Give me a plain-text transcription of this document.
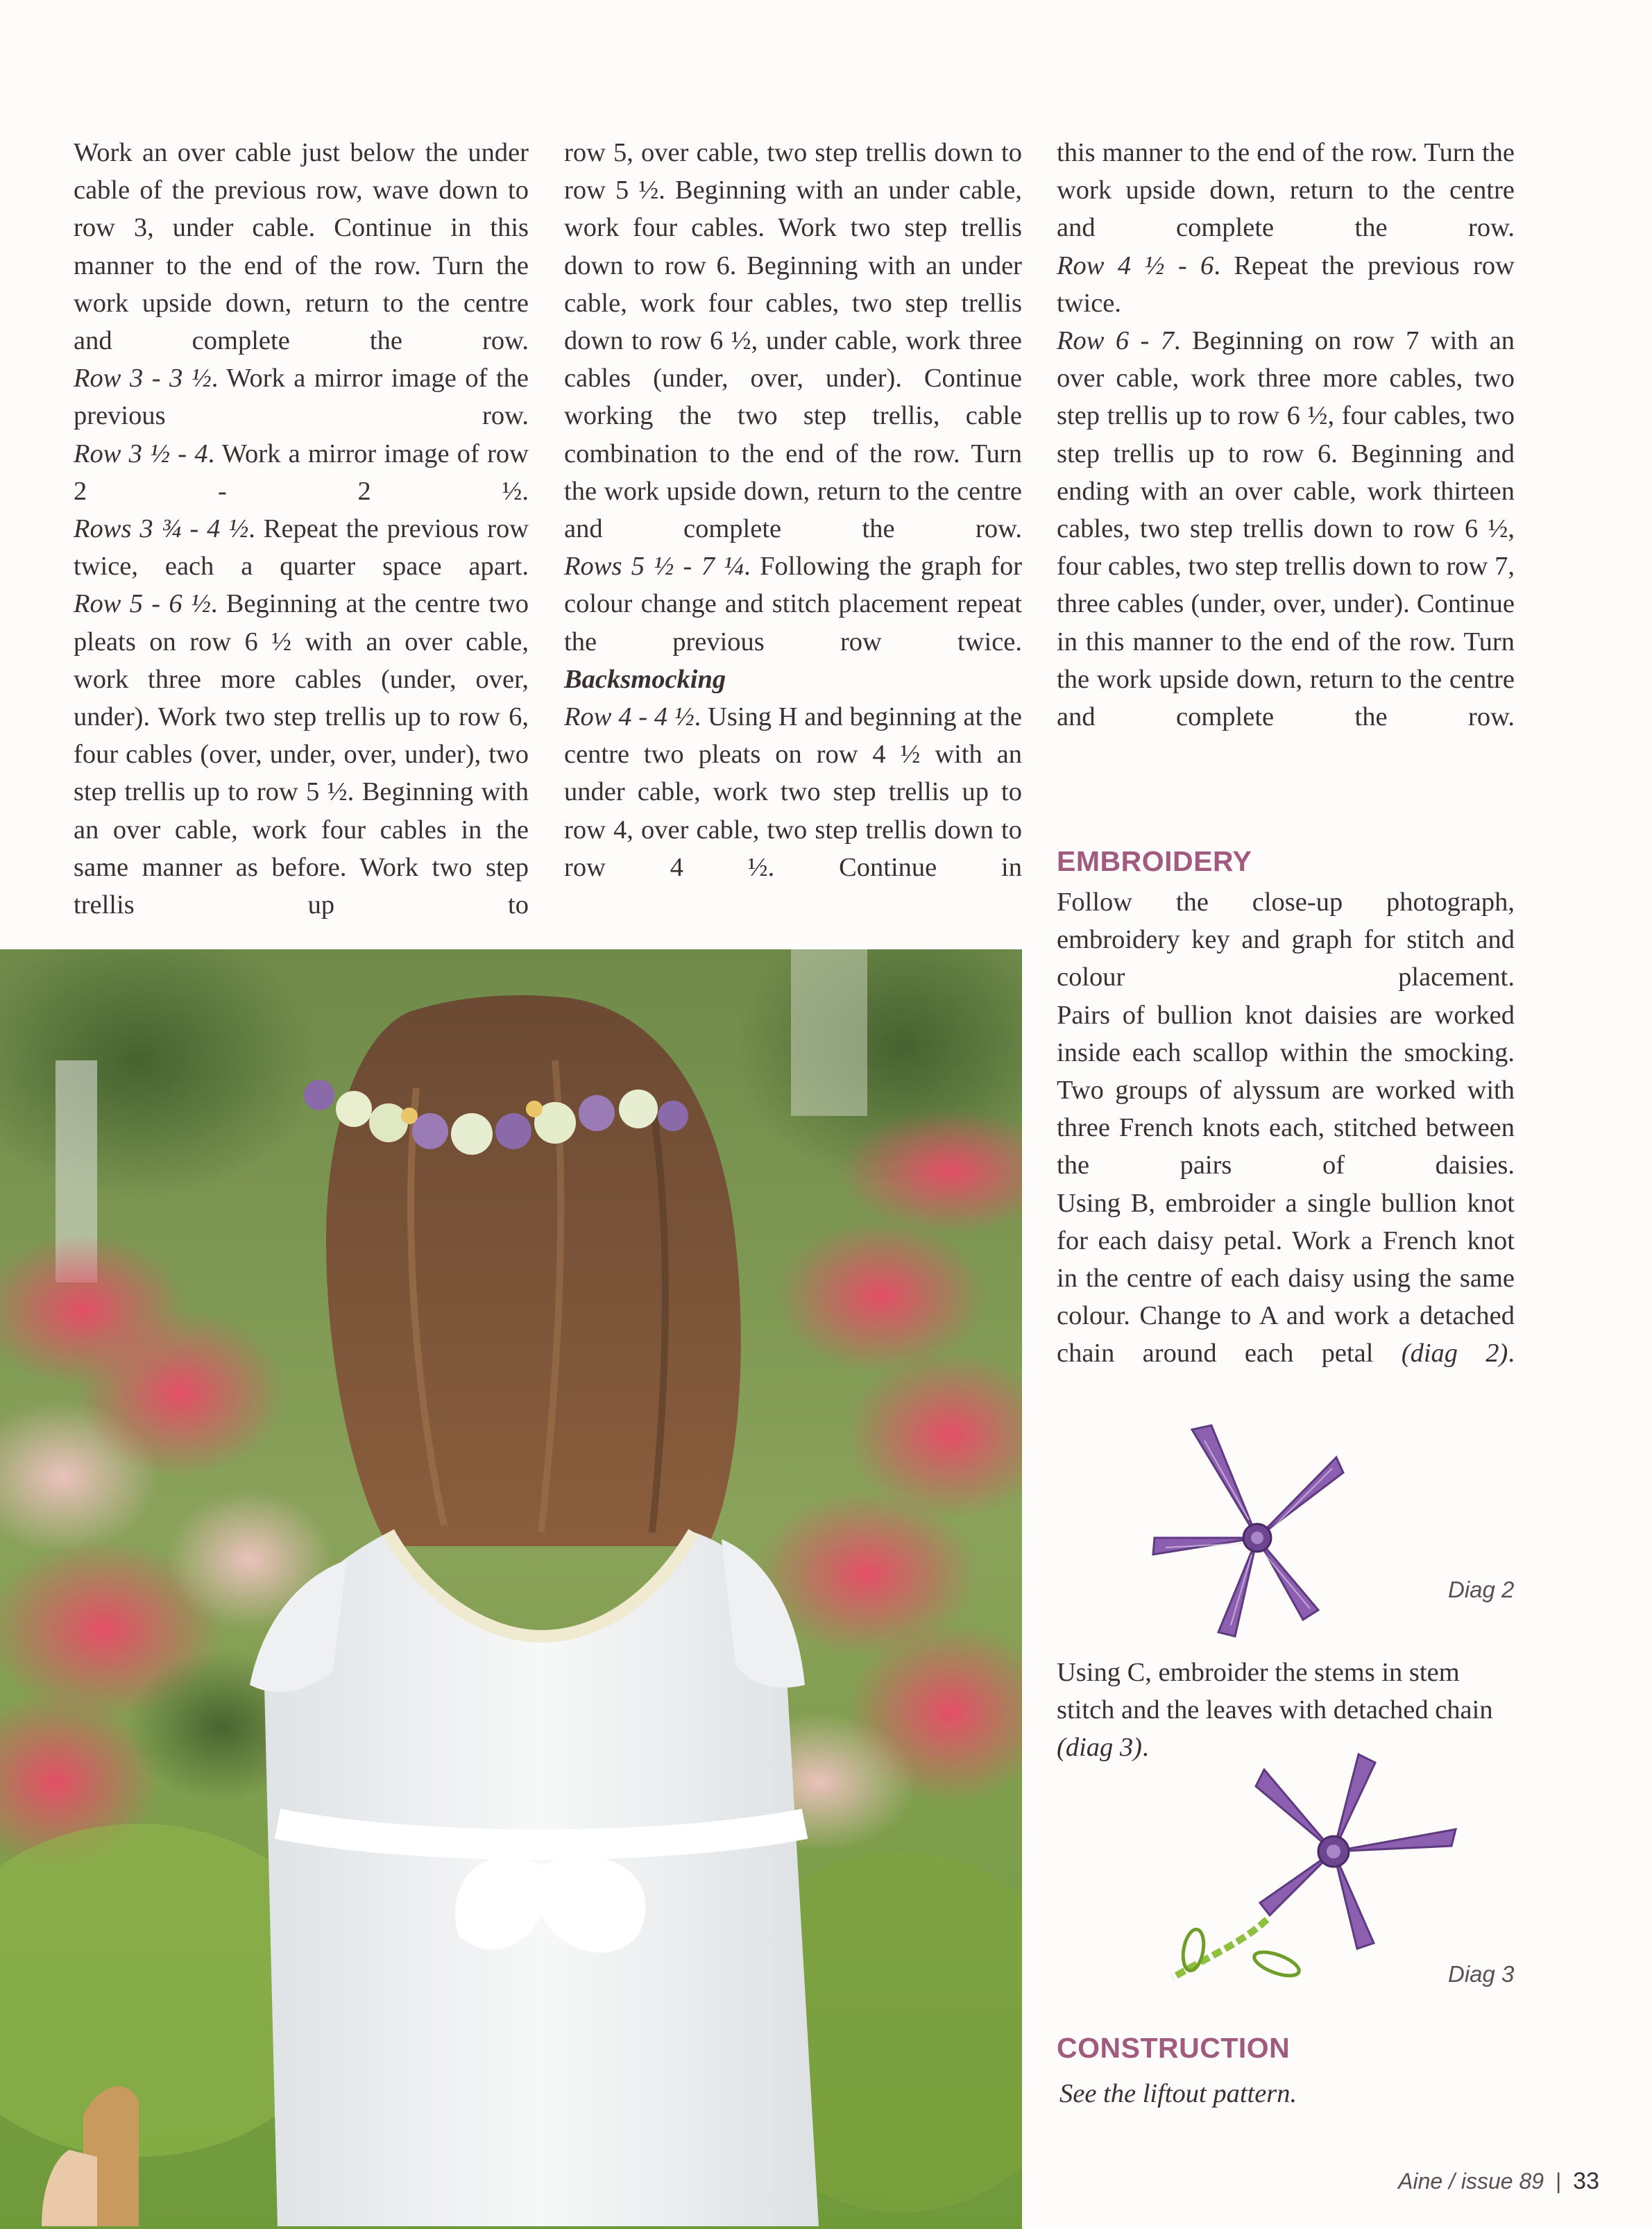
Work an over cable just below the under cable of the previous row, wave down to row 3, under cable. Continue in this manner to the end of the row. Turn the work upside down, return to the centre and complete the row.

Row 3 - 3 ½. Work a mirror image of the previous row.

Row 3 ½ - 4. Work a mirror image of row 2 - 2 ½.

Rows 3 ¾ - 4 ½. Repeat the previous row twice, each a quarter space apart.

Row 5 - 6 ½. Beginning at the centre two pleats on row 6 ½ with an over cable, work three more cables (under, over, under). Work two step trellis up to row 6, four cables (over, under, over, under), two step trellis up to row 5 ½. Beginning with an over cable, work four cables in the same manner as before. Work two step trellis up to

row 5, over cable, two step trellis down to row 5 ½. Beginning with an under cable, work four cables. Work two step trellis down to row 6. Beginning with an under cable, work four cables, two step trellis down to row 6 ½, under cable, work three cables (under, over, under). Continue working the two step trellis, cable combination to the end of the row. Turn the work upside down, return to the centre and complete the row.

Rows 5 ½ - 7 ¼. Following the graph for colour change and stitch placement repeat the previous row twice.

Backsmocking

Row 4 - 4 ½. Using H and beginning at the centre two pleats on row 4 ½ with an under cable, work two step trellis up to row 4, over cable, two step trellis down to row 4 ½. Continue in

this manner to the end of the row. Turn the work upside down, return to the centre and complete the row.

Row 4 ½ - 6. Repeat the previous row twice.

Row 6 - 7. Beginning on row 7 with an over cable, work three more cables, two step trellis up to row 6 ½, four cables, two step trellis up to row 6. Beginning and ending with an over cable, work thirteen cables, two step trellis down to row 6 ½, four cables, two step trellis down to row 7, three cables (under, over, under). Continue in this manner to the end of the row. Turn the work upside down, return to the centre and complete the row.

EMBROIDERY

Follow the close-up photograph, embroidery key and graph for stitch and colour placement.

Pairs of bullion knot daisies are worked inside each scallop within the smocking. Two groups of alyssum are worked with three French knots each, stitched between the pairs of daisies.

Using B, embroider a single bullion knot for each daisy petal. Work a French knot in the centre of each daisy using the same colour. Change to A and work a detached chain around each petal (diag 2).

Diag 2

Using C, embroider the stems in stem stitch and the leaves with detached chain (diag 3).

Diag 3
CONSTRUCTION

See the liftout pattern.

Aine / issue 89 | 33
